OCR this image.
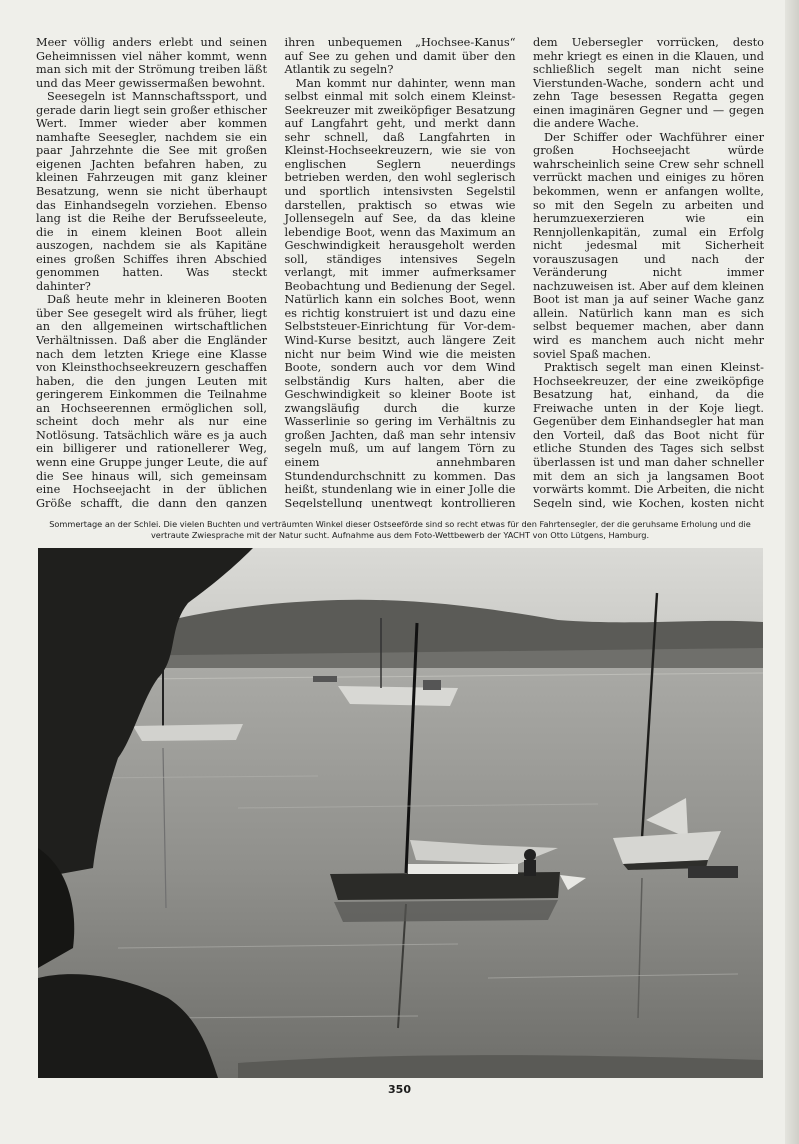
Meer völlig anders erlebt und seinen Geheimnissen viel näher kommt, wenn man sich mit der Strömung treiben läßt und das Meer gewissermaßen bewohnt.

Seesegeln ist Mannschaftssport, und gerade darin liegt sein großer ethischer Wert. Immer wieder aber kommen namhafte Seesegler, nachdem sie ein paar Jahrzehnte die See mit großen eigenen Jachten befahren haben, zu kleinen Fahrzeugen mit ganz kleiner Besatzung, wenn sie nicht überhaupt das Einhandsegeln vorziehen. Ebenso lang ist die Reihe der Berufsseeleute, die in einem kleinen Boot allein auszogen, nachdem sie als Kapitäne eines großen Schiffes ihren Abschied genommen hatten. Was steckt dahinter?

Daß heute mehr in kleineren Booten über See gesegelt wird als früher, liegt an den allgemeinen wirtschaftlichen Verhältnissen. Daß aber die Engländer nach dem letzten Kriege eine Klasse von Kleinsthochseekreuzern geschaffen haben, die den jungen Leuten mit geringerem Einkommen die Teilnahme an Hochseerennen ermöglichen soll, scheint doch mehr als nur eine Notlösung. Tatsächlich wäre es ja auch ein billigerer und rationellerer Weg, wenn eine Gruppe junger Leute, die auf die See hinaus will, sich gemeinsam eine Hochseejacht in der üblichen Größe schafft, die dann den ganzen

ihren unbequemen „Hochsee-Kanus“ auf See zu gehen und damit über den Atlantik zu segeln?

Man kommt nur dahinter, wenn man selbst einmal mit solch einem Kleinst-Seekreuzer mit zweiköpfiger Besatzung auf Langfahrt geht, und merkt dann sehr schnell, daß Langfahrten in Kleinst-Hochseekreuzern, wie sie von englischen Seglern neuerdings betrieben werden, den wohl seglerisch und sportlich intensivsten Segelstil darstellen, praktisch so etwas wie Jollensegeln auf See, da das kleine lebendige Boot, wenn das Maximum an Geschwindigkeit herausgeholt werden soll, ständiges intensives Segeln verlangt, mit immer aufmerksamer Beobachtung und Bedienung der Segel. Natürlich kann ein solches Boot, wenn es richtig konstruiert ist und dazu eine Selbststeuer-Einrichtung für Vor-dem-Wind-Kurse besitzt, auch längere Zeit nicht nur beim Wind wie die meisten Boote, sondern auch vor dem Wind selbständig Kurs halten, aber die Geschwindigkeit so kleiner Boote ist zwangsläufig durch die kurze Wasserlinie so gering im Verhältnis zu großen Jachten, daß man sehr intensiv segeln muß, um auf langem Törn zu einem annehmbaren Stundendurchschnitt zu kommen. Das heißt, stundenlang wie in einer Jolle die Segelstellung unentwegt kontrollieren

dem Uebersegler vorrücken, desto mehr kriegt es einen in die Klauen, und schließlich segelt man nicht seine Vierstunden-Wache, sondern acht und zehn Tage besessen Regatta gegen einen imaginären Gegner und — gegen die andere Wache.

Der Schiffer oder Wachführer einer großen Hochseejacht würde wahrscheinlich seine Crew sehr schnell verrückt machen und einiges zu hören bekommen, wenn er anfangen wollte, so mit den Segeln zu arbeiten und herumzuexerzieren wie ein Rennjollenkapitän, zumal ein Erfolg nicht jedesmal mit Sicherheit vorauszusagen und nach der Veränderung nicht immer nachzuweisen ist. Aber auf dem kleinen Boot ist man ja auf seiner Wache ganz allein. Natürlich kann man es sich selbst bequemer machen, aber dann wird es manchem auch nicht mehr soviel Spaß machen.

Praktisch segelt man einen Kleinst-Hochseekreuzer, der eine zweiköpfige Besatzung hat, einhand, da die Freiwache unten in der Koje liegt. Gegenüber dem Einhandsegler hat man den Vorteil, daß das Boot nicht für etliche Stunden des Tages sich selbst überlassen ist und man daher schneller mit dem an sich ja langsamen Boot vorwärts kommt. Die Arbeiten, die nicht Segeln sind, wie Kochen, kosten nicht

Sommertage an der Schlei. Die vielen Buchten und verträumten Winkel dieser Ostseeförde sind so recht etwas für den Fahrtensegler, der die geruhsame Erholung und die vertraute Zwiesprache mit der Natur sucht. Aufnahme aus dem Foto-Wettbewerb der YACHT von Otto Lütgens, Hamburg.
350
